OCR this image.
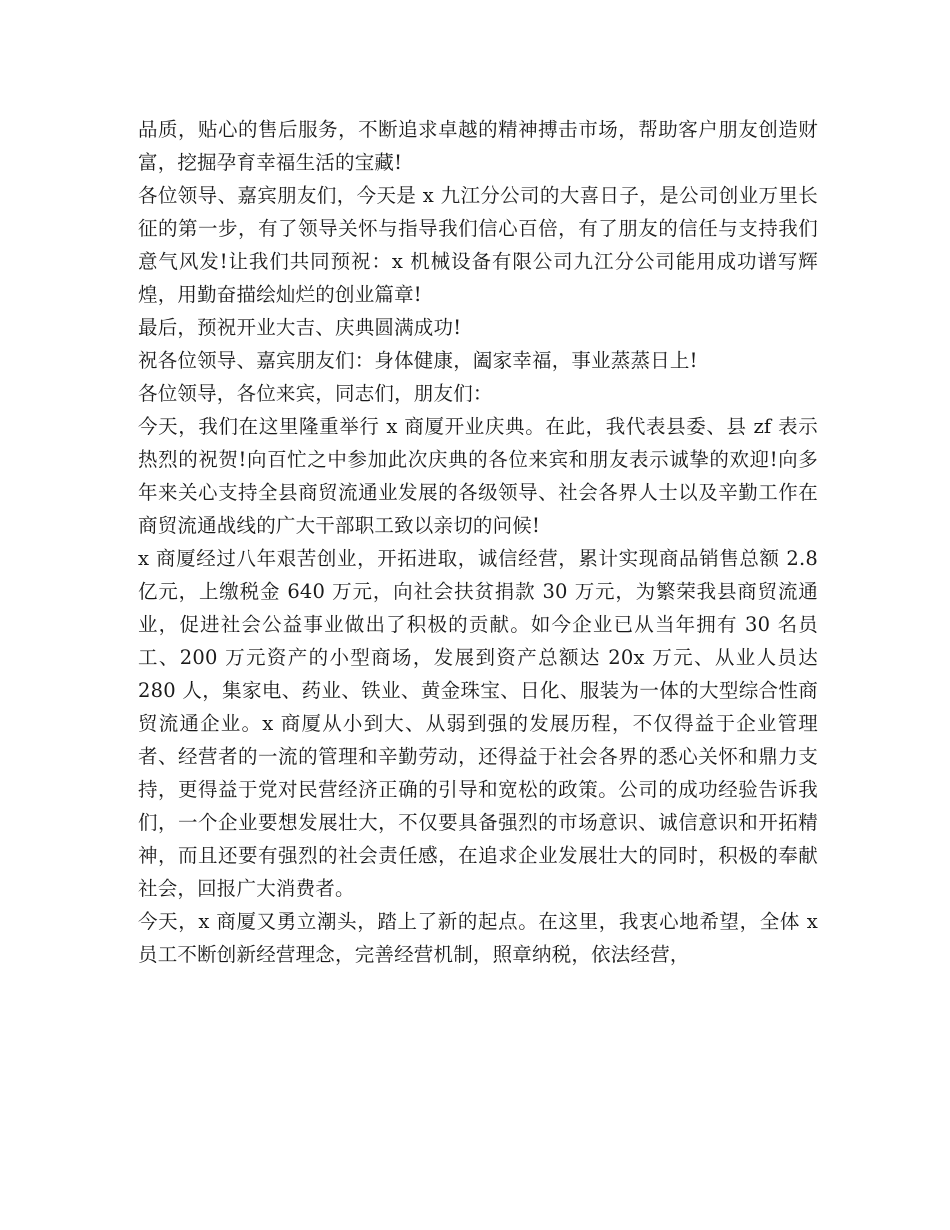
品质，贴心的售后服务，不断追求卓越的精神搏击市场，帮助客户朋友创造财富，挖掘孕育幸福生活的宝藏!

各位领导、嘉宾朋友们，今天是 x 九江分公司的大喜日子，是公司创业万里长征的第一步，有了领导关怀与指导我们信心百倍，有了朋友的信任与支持我们意气风发!让我们共同预祝：x 机械设备有限公司九江分公司能用成功谱写辉煌，用勤奋描绘灿烂的创业篇章!

最后，预祝开业大吉、庆典圆满成功!

祝各位领导、嘉宾朋友们：身体健康，阖家幸福，事业蒸蒸日上!

各位领导，各位来宾，同志们，朋友们：

今天，我们在这里隆重举行 x 商厦开业庆典。在此，我代表县委、县 zf 表示热烈的祝贺!向百忙之中参加此次庆典的各位来宾和朋友表示诚挚的欢迎!向多年来关心支持全县商贸流通业发展的各级领导、社会各界人士以及辛勤工作在商贸流通战线的广大干部职工致以亲切的问候!

x 商厦经过八年艰苦创业，开拓进取，诚信经营，累计实现商品销售总额 2.8 亿元，上缴税金 640 万元，向社会扶贫捐款 30 万元，为繁荣我县商贸流通业，促进社会公益事业做出了积极的贡献。如今企业已从当年拥有 30 名员工、200 万元资产的小型商场，发展到资产总额达 20x 万元、从业人员达 280 人，集家电、药业、铁业、黄金珠宝、日化、服装为一体的大型综合性商贸流通企业。x 商厦从小到大、从弱到强的发展历程，不仅得益于企业管理者、经营者的一流的管理和辛勤劳动，还得益于社会各界的悉心关怀和鼎力支持，更得益于党对民营经济正确的引导和宽松的政策。公司的成功经验告诉我们，一个企业要想发展壮大，不仅要具备强烈的市场意识、诚信意识和开拓精神，而且还要有强烈的社会责任感，在追求企业发展壮大的同时，积极的奉献社会，回报广大消费者。

今天，x 商厦又勇立潮头，踏上了新的起点。在这里，我衷心地希望，全体 x 员工不断创新经营理念，完善经营机制，照章纳税，依法经营，
